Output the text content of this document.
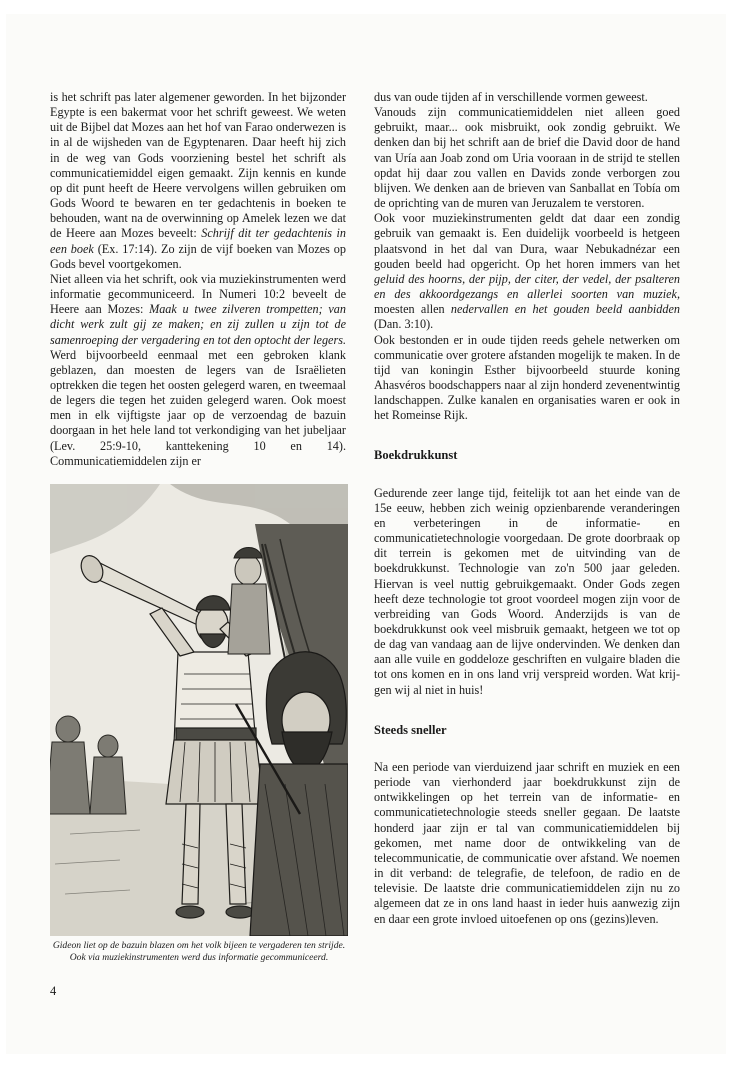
is het schrift pas later algemener geworden. In het bijzonder Egypte is een bakermat voor het schrift geweest. We weten uit de Bijbel dat Mozes aan het hof van Farao onderwezen is in al de wijsheden van de Egyptenaren. Daar heeft hij zich in de weg van Gods voorziening bestel het schrift als communicatiemiddel eigen gemaakt. Zijn kennis en kunde op dit punt heeft de Heere vervolgens willen gebruiken om Gods Woord te bewaren en ter gedachtenis in boeken te behouden, want na de overwinning op Amelek lezen we dat de Heere aan Mozes beveelt: Schrijf dit ter gedachtenis in een boek (Ex. 17:14). Zo zijn de vijf boeken van Mozes op Gods bevel voortgekomen.

Niet alleen via het schrift, ook via muziekinstrumenten werd informatie gecommuniceerd. In Numeri 10:2 beveelt de Heere aan Mozes: Maak u twee zilveren trompetten; van dicht werk zult gij ze maken; en zij zullen u zijn tot de samenroeping der vergadering en tot den optocht der legers. Werd bijvoorbeeld eenmaal met een gebroken klank geblazen, dan moesten de legers van de Israëlieten optrekken die tegen het oosten gelegerd waren, en tweemaal de legers die tegen het zuiden gelegerd waren. Ook moest men in elk vijftigste jaar op de verzoendag de bazuin doorgaan in het hele land tot verkondiging van het jubeljaar (Lev. 25:9-10, kanttekening 10 en 14). Communicatiemiddelen zijn er

Gideon liet op de bazuin blazen om het volk bijeen te vergaderen ten strijde. Ook via muziekinstrumenten werd dus informatie gecommuniceerd.

dus van oude tijden af in verschillende vormen geweest.

Vanouds zijn communicatiemiddelen niet alleen goed gebruikt, maar... ook misbruikt, ook zondig gebruikt. We denken dan bij het schrift aan de brief die David door de hand van Uría aan Joab zond om Uria vooraan in de strijd te stellen opdat hij daar zou vallen en Davids zonde verborgen zou blijven. We denken aan de brieven van Sanballat en Tobía om de oprichting van de muren van Jeruzalem te verstoren.

Ook voor muziekinstrumenten geldt dat daar een zondig gebruik van gemaakt is. Een duidelijk voorbeeld is hetgeen plaatsvond in het dal van Dura, waar Nebukadnézar een gouden beeld had opgericht. Op het horen immers van het geluid des hoorns, der pijp, der citer, der vedel, der psalteren en des akkoordgezangs en allerlei soorten van muziek, moesten allen nedervallen en het gouden beeld aanbidden (Dan. 3:10).

Ook bestonden er in oude tijden reeds gehele netwerken om communicatie over grotere afstanden mogelijk te maken. In de tijd van koningin Esther bijvoorbeeld stuurde koning Ahasvéros boodschappers naar al zijn honderd zevenentwintig landschappen. Zulke kanalen en organisaties waren er ook in het Romeinse Rijk.

Boekdrukkunst

Gedurende zeer lange tijd, feitelijk tot aan het einde van de 15e eeuw, hebben zich weinig opzienbarende veranderingen en verbeteringen in de informatie- en communicatietechnologie voorgedaan. De grote doorbraak op dit terrein is gekomen met de uitvinding van de boekdrukkunst. Technologie van zo'n 500 jaar geleden. Hiervan is veel nuttig gebruikgemaakt. Onder Gods zegen heeft deze technologie tot groot voordeel mogen zijn voor de verbreiding van Gods Woord. Anderzijds is van de boekdrukkunst ook veel misbruik gemaakt, hetgeen we tot op de dag van vandaag aan de lijve ondervinden. We denken dan aan alle vuile en goddeloze geschriften en vulgaire bladen die tot ons komen en in ons land vrij verspreid worden. Wat krijgen wij al niet in huis!

Steeds sneller

Na een periode van vierduizend jaar schrift en muziek en een periode van vierhonderd jaar boekdrukkunst zijn de ontwikkelingen op het terrein van de informatie- en communicatietechnologie steeds sneller gegaan. De laatste honderd jaar zijn er tal van communicatiemiddelen bij gekomen, met name door de ontwikkeling van de telecommunicatie, de communicatie over afstand. We noemen in dit verband: de telegrafie, de telefoon, de radio en de televisie. De laatste drie communicatiemiddelen zijn nu zo algemeen dat ze in ons land haast in ieder huis aanwezig zijn en daar een grote invloed uitoefenen op ons (gezins)leven.

4
